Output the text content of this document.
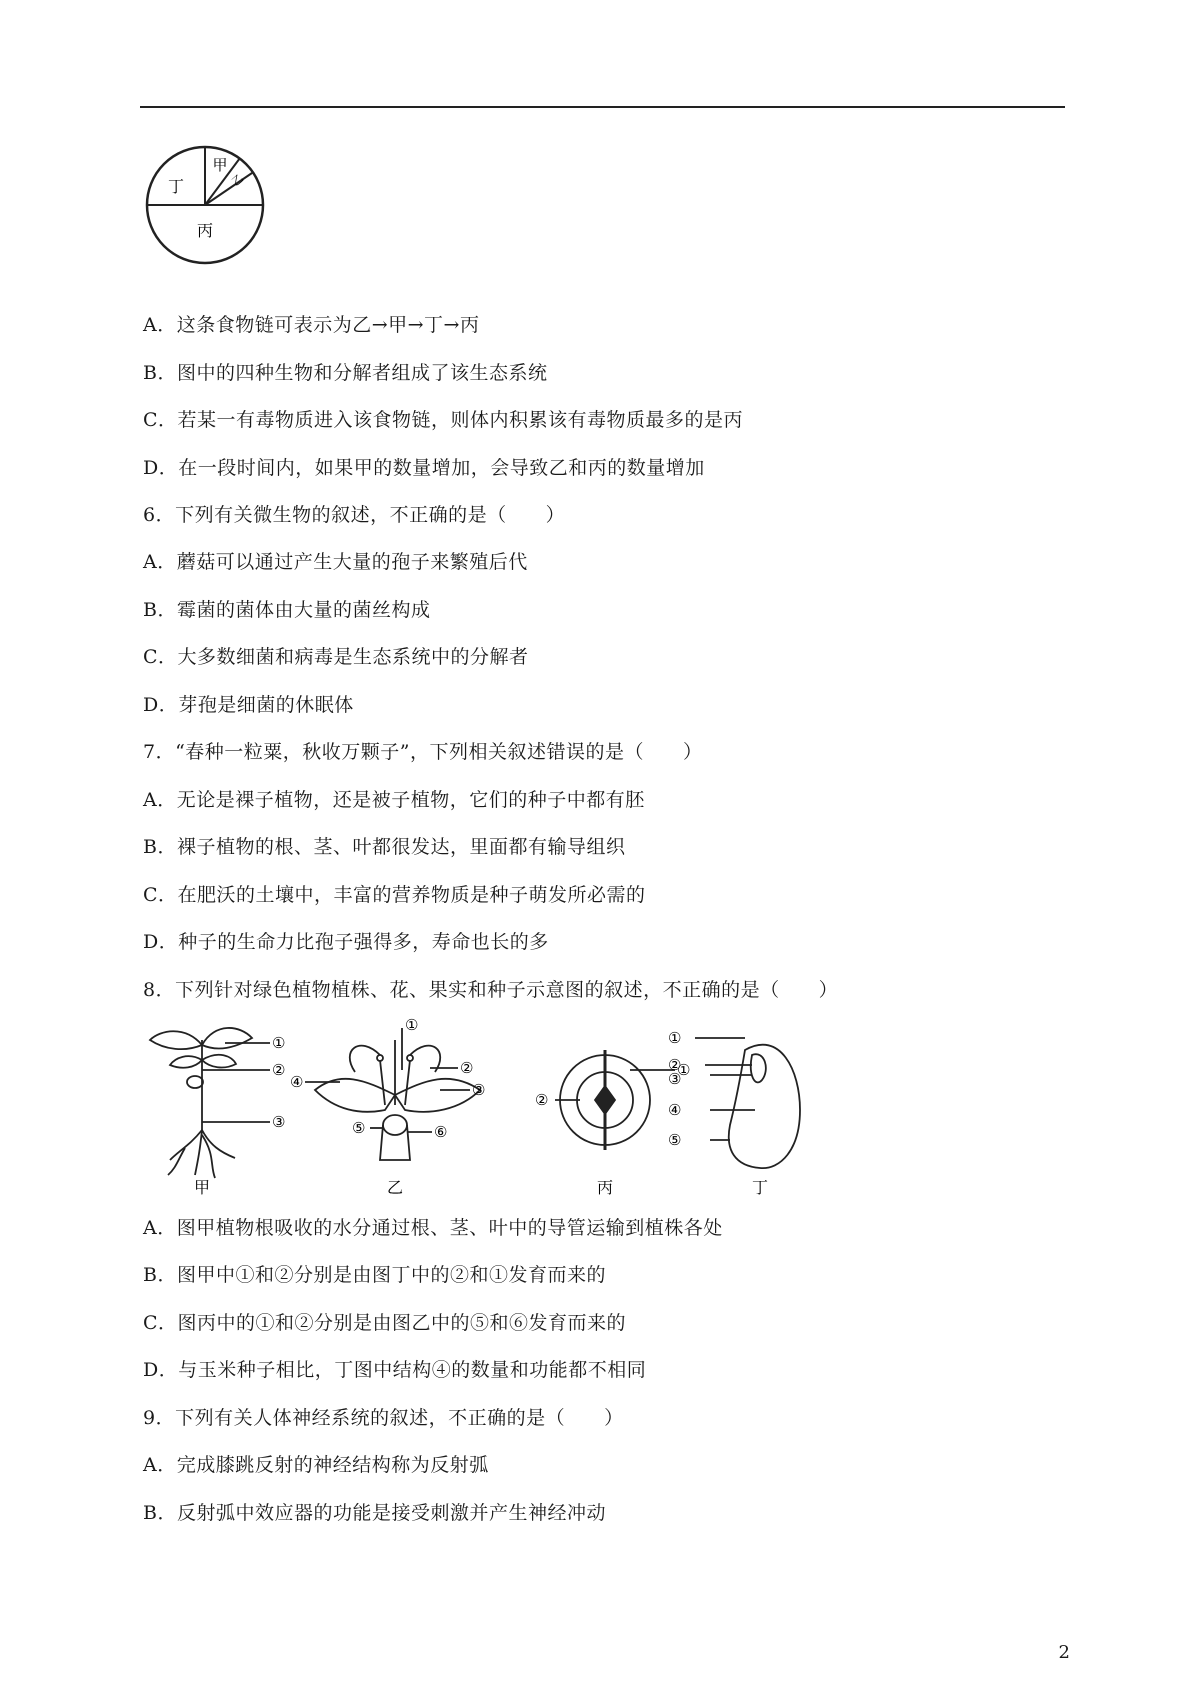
丁
甲
乙
丙
A．这条食物链可表示为乙→甲→丁→丙
B．图中的四种生物和分解者组成了该生态系统
C．若某一有毒物质进入该食物链，则体内积累该有毒物质最多的是丙
D．在一段时间内，如果甲的数量增加，会导致乙和丙的数量增加
6．下列有关微生物的叙述，不正确的是（　　）
A．蘑菇可以通过产生大量的孢子来繁殖后代
B．霉菌的菌体由大量的菌丝构成
C．大多数细菌和病毒是生态系统中的分解者
D．芽孢是细菌的休眠体
7．“春种一粒粟，秋收万颗子”，下列相关叙述错误的是（　　）
A．无论是裸子植物，还是被子植物，它们的种子中都有胚
B．裸子植物的根、茎、叶都很发达，里面都有输导组织
C．在肥沃的土壤中，丰富的营养物质是种子萌发所必需的
D．种子的生命力比孢子强得多，寿命也长的多
8．下列针对绿色植物植株、花、果实和种子示意图的叙述，不正确的是（　　）
①
②
③
甲
①
②
③
④
⑤	⑥
乙
①
②
丙
①
②
③
④
⑤
丁
A．图甲植物根吸收的水分通过根、茎、叶中的导管运输到植株各处
B．图甲中①和②分别是由图丁中的②和①发育而来的
C．图丙中的①和②分别是由图乙中的⑤和⑥发育而来的
D．与玉米种子相比，丁图中结构④的数量和功能都不相同
9．下列有关人体神经系统的叙述，不正确的是（　　）
A．完成膝跳反射的神经结构称为反射弧
B．反射弧中效应器的功能是接受刺激并产生神经冲动
2
